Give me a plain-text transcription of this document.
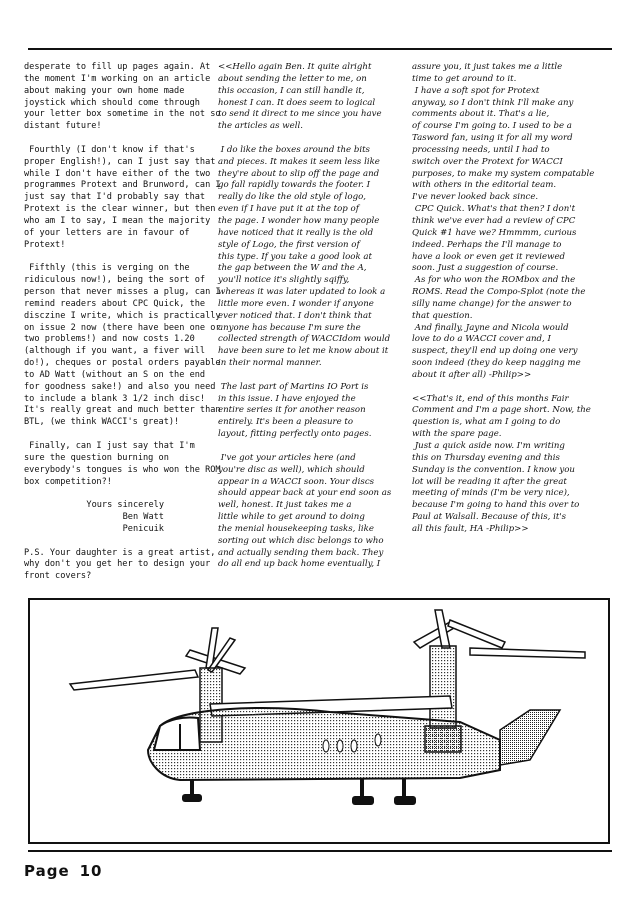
desperate to fill up pages again. At
the moment I'm working on an article
about making your own home made
joystick which should come through
your letter box sometime in the not so
distant future!

Fourthly (I don't know if that's
proper English!), can I just say that
while I don't have either of the two
programmes Protext and Brunword, can I
just say that I'd probably say that
Protext is the clear winner, but then
who am I to say, I mean the majority
of your letters are in favour of
Protext!

Fifthly (this is verging on the
ridiculous now!), being the sort of
person that never misses a plug, can I
remind readers about CPC Quick, the
disczine I write, which is practically
on issue 2 now (there have been one or
two problems!) and now costs 1.20
(although if you want, a fiver will
do!), cheques or postal orders payable
to AD Watt (without an S on the end
for goodness sake!) and also you need
to include a blank 3 1/2 inch disc!
It's really great and much better than
BTL, (we think WACCI's great)!

Finally, can I just say that I'm
sure the question burning on
everybody's tongues is who won the ROM
box competition?!

Yours sincerely
Ben Watt
Penicuik

P.S. Your daughter is a great artist,
why don't you get her to design your
front covers?

<<Hello again Ben. It quite alright
about sending the letter to me, on
this occasion, I can still handle it,
honest I can. It does seem to logical
to send it direct to me since you have
the articles as well.

I do like the boxes around the bits
and pieces. It makes it seem less like
they're about to slip off the page and
go fall rapidly towards the footer. I
really do like the old style of logo,
even if I have put it at the top of
the page. I wonder how many people
have noticed that it really is the old
style of Logo, the first version of
this type. If you take a good look at
the gap between the W and the A,
you'll notice it's slightly sqiffy,
whereas it was later updated to look a
little more even. I wonder if anyone
ever noticed that. I don't think that
anyone has because I'm sure the
collected strength of WACCIdom would
have been sure to let me know about it
in their normal manner.

The last part of Martins IO Port is
in this issue. I have enjoyed the
entire series it for another reason
entirely. It's been a pleasure to
layout, fitting perfectly onto pages.

I've got your articles here (and
you're disc as well), which should
appear in a WACCI soon. Your discs
should appear back at your end soon as
well, honest. It just takes me a
little while to get around to doing
the menial housekeeping tasks, like
sorting out which disc belongs to who
and actually sending them back. They
do all end up back home eventually, I

assure you, it just takes me a little
time to get around to it.
I have a soft spot for Protext
anyway, so I don't think I'll make any
comments about it. That's a lie,
of course I'm going to. I used to be a
Tasword fan, using it for all my word
processing needs, until I had to
switch over the Protext for WACCI
purposes, to make my system compatable
with others in the editorial team.
I've never looked back since.
CPC Quick. What's that then? I don't
think we've ever had a review of CPC
Quick #1 have we? Hmmmm, curious
indeed. Perhaps the I'll manage to
have a look or even get it reviewed
soon. Just a suggestion of course.
As for who won the ROMbox and the
ROMS. Read the Compo-Splot (note the
silly name change) for the answer to
that question.
And finally, Jayne and Nicola would
love to do a WACCI cover and, I
suspect, they'll end up doing one very
soon indeed (they do keep nagging me
about it after all) -Philip>>

<<That's it, end of this months Fair
Comment and I'm a page short. Now, the
question is, what am I going to do
with the spare page.
Just a quick aside now. I'm writing
this on Thursday evening and this
Sunday is the convention. I know you
lot will be reading it after the great
meeting of minds (I'm be very nice),
because I'm going to hand this over to
Paul at Walsall. Because of this, it's
all this fault, HA -Philip>>

Page 10
